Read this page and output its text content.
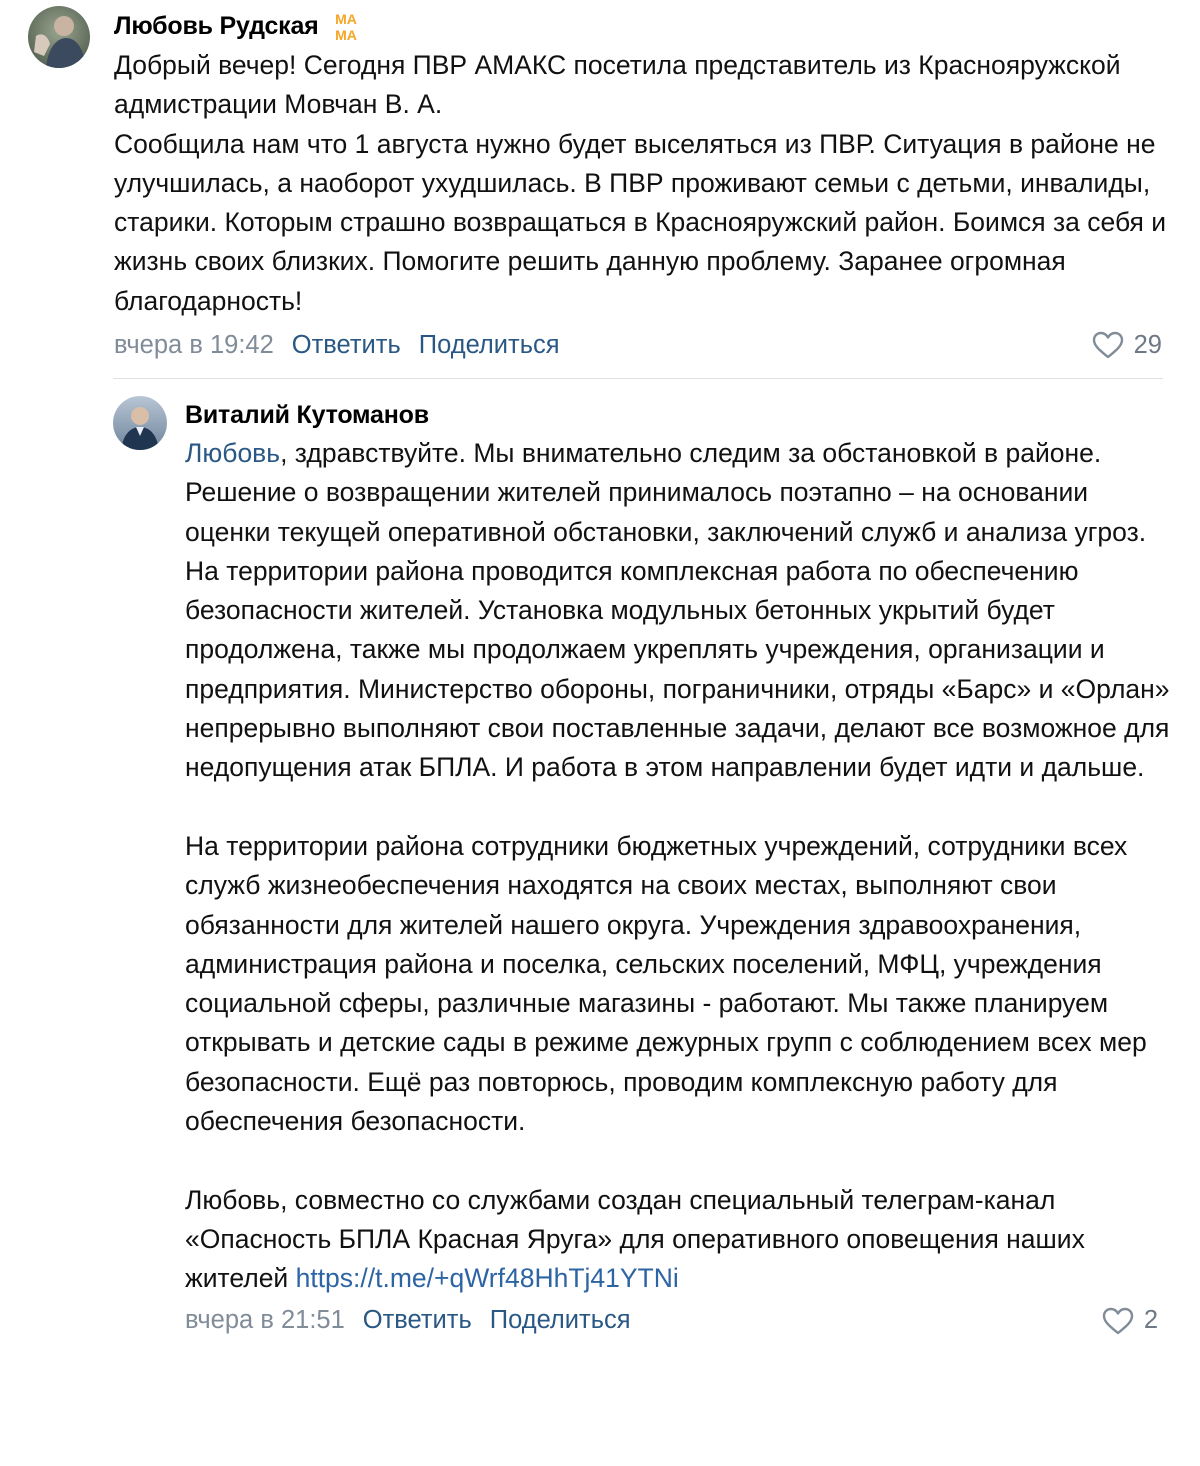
Любовь Рудская МА
МА

Добрый вечер! Сегодня ПВР АМАКС посетила представитель из Краснояружской адмистрации Мовчан В. А.
Сообщила нам что 1 августа нужно будет выселяться из ПВР. Ситуация в районе не улучшилась, а наоборот ухудшилась. В ПВР проживают семьи с детьми, инвалиды, старики. Которым страшно возвращаться в Краснояружский район. Боимся за себя и жизнь своих близких. Помогите решить данную проблему. Заранее огромная благодарность!

вчера в 19:42 Ответить Поделиться	29
Виталий Кутоманов

Любовь, здравствуйте. Мы внимательно следим за обстановкой в районе. Решение о возвращении жителей принималось поэтапно – на основании оценки текущей оперативной обстановки, заключений служб и анализа угроз. На территории района проводится комплексная работа по обеспечению безопасности жителей. Установка модульных бетонных укрытий будет продолжена, также мы продолжаем укреплять учреждения, организации и предприятия. Министерство обороны, пограничники, отряды «Барс» и «Орлан» непрерывно выполняют свои поставленные задачи, делают все возможное для недопущения атак БПЛА. И работа в этом направлении будет идти и дальше.

На территории района сотрудники бюджетных учреждений, сотрудники всех служб жизнеобеспечения находятся на своих местах, выполняют свои обязанности для жителей нашего округа. Учреждения здравоохранения, администрация района и поселка, сельских поселений, МФЦ, учреждения социальной сферы, различные магазины - работают. Мы также планируем открывать и детские сады в режиме дежурных групп с соблюдением всех мер безопасности. Ещё раз повторюсь, проводим комплексную работу для обеспечения безопасности.

Любовь, совместно со службами создан специальный телеграм-канал «Опасность БПЛА Красная Яруга» для оперативного оповещения наших жителей https://t.me/+qWrf48HhTj41YTNi

вчера в 21:51 Ответить Поделиться	2
